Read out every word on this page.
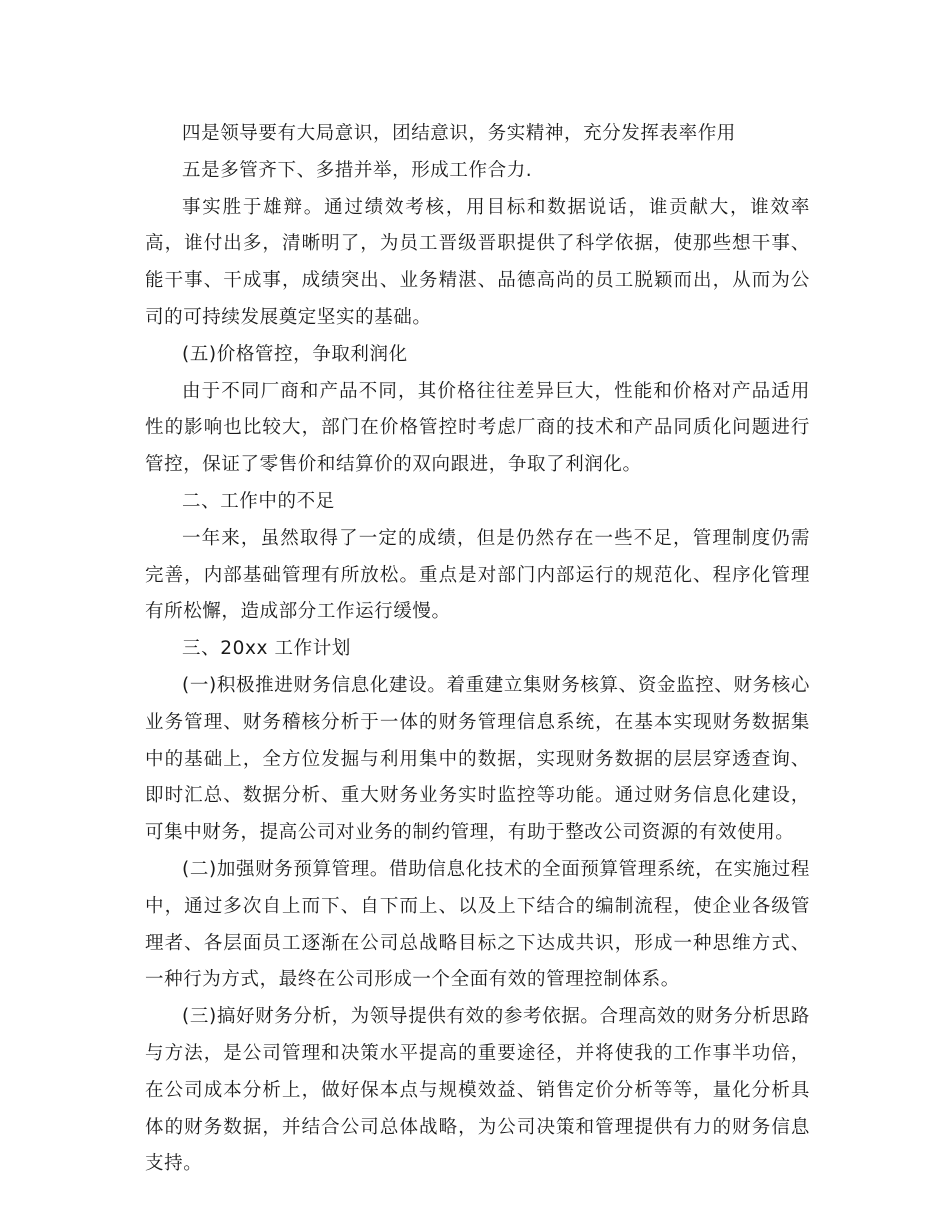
四是领导要有大局意识，团结意识，务实精神，充分发挥表率作用

五是多管齐下、多措并举，形成工作合力.

事实胜于雄辩。通过绩效考核，用目标和数据说话，谁贡献大，谁效率高，谁付出多，清晰明了，为员工晋级晋职提供了科学依据，使那些想干事、能干事、干成事，成绩突出、业务精湛、品德高尚的员工脱颖而出，从而为公司的可持续发展奠定坚实的基础。

(五)价格管控，争取利润化

由于不同厂商和产品不同，其价格往往差异巨大，性能和价格对产品适用性的影响也比较大，部门在价格管控时考虑厂商的技术和产品同质化问题进行管控，保证了零售价和结算价的双向跟进，争取了利润化。

二、工作中的不足

一年来，虽然取得了一定的成绩，但是仍然存在一些不足，管理制度仍需完善，内部基础管理有所放松。重点是对部门内部运行的规范化、程序化管理有所松懈，造成部分工作运行缓慢。

三、20xx 工作计划

(一)积极推进财务信息化建设。着重建立集财务核算、资金监控、财务核心业务管理、财务稽核分析于一体的财务管理信息系统，在基本实现财务数据集中的基础上，全方位发掘与利用集中的数据，实现财务数据的层层穿透查询、即时汇总、数据分析、重大财务业务实时监控等功能。通过财务信息化建设，可集中财务，提高公司对业务的制约管理，有助于整改公司资源的有效使用。

(二)加强财务预算管理。借助信息化技术的全面预算管理系统，在实施过程中，通过多次自上而下、自下而上、以及上下结合的编制流程，使企业各级管理者、各层面员工逐渐在公司总战略目标之下达成共识，形成一种思维方式、一种行为方式，最终在公司形成一个全面有效的管理控制体系。

(三)搞好财务分析，为领导提供有效的参考依据。合理高效的财务分析思路与方法，是公司管理和决策水平提高的重要途径，并将使我的工作事半功倍，在公司成本分析上，做好保本点与规模效益、销售定价分析等等，量化分析具体的财务数据，并结合公司总体战略，为公司决策和管理提供有力的财务信息支持。
